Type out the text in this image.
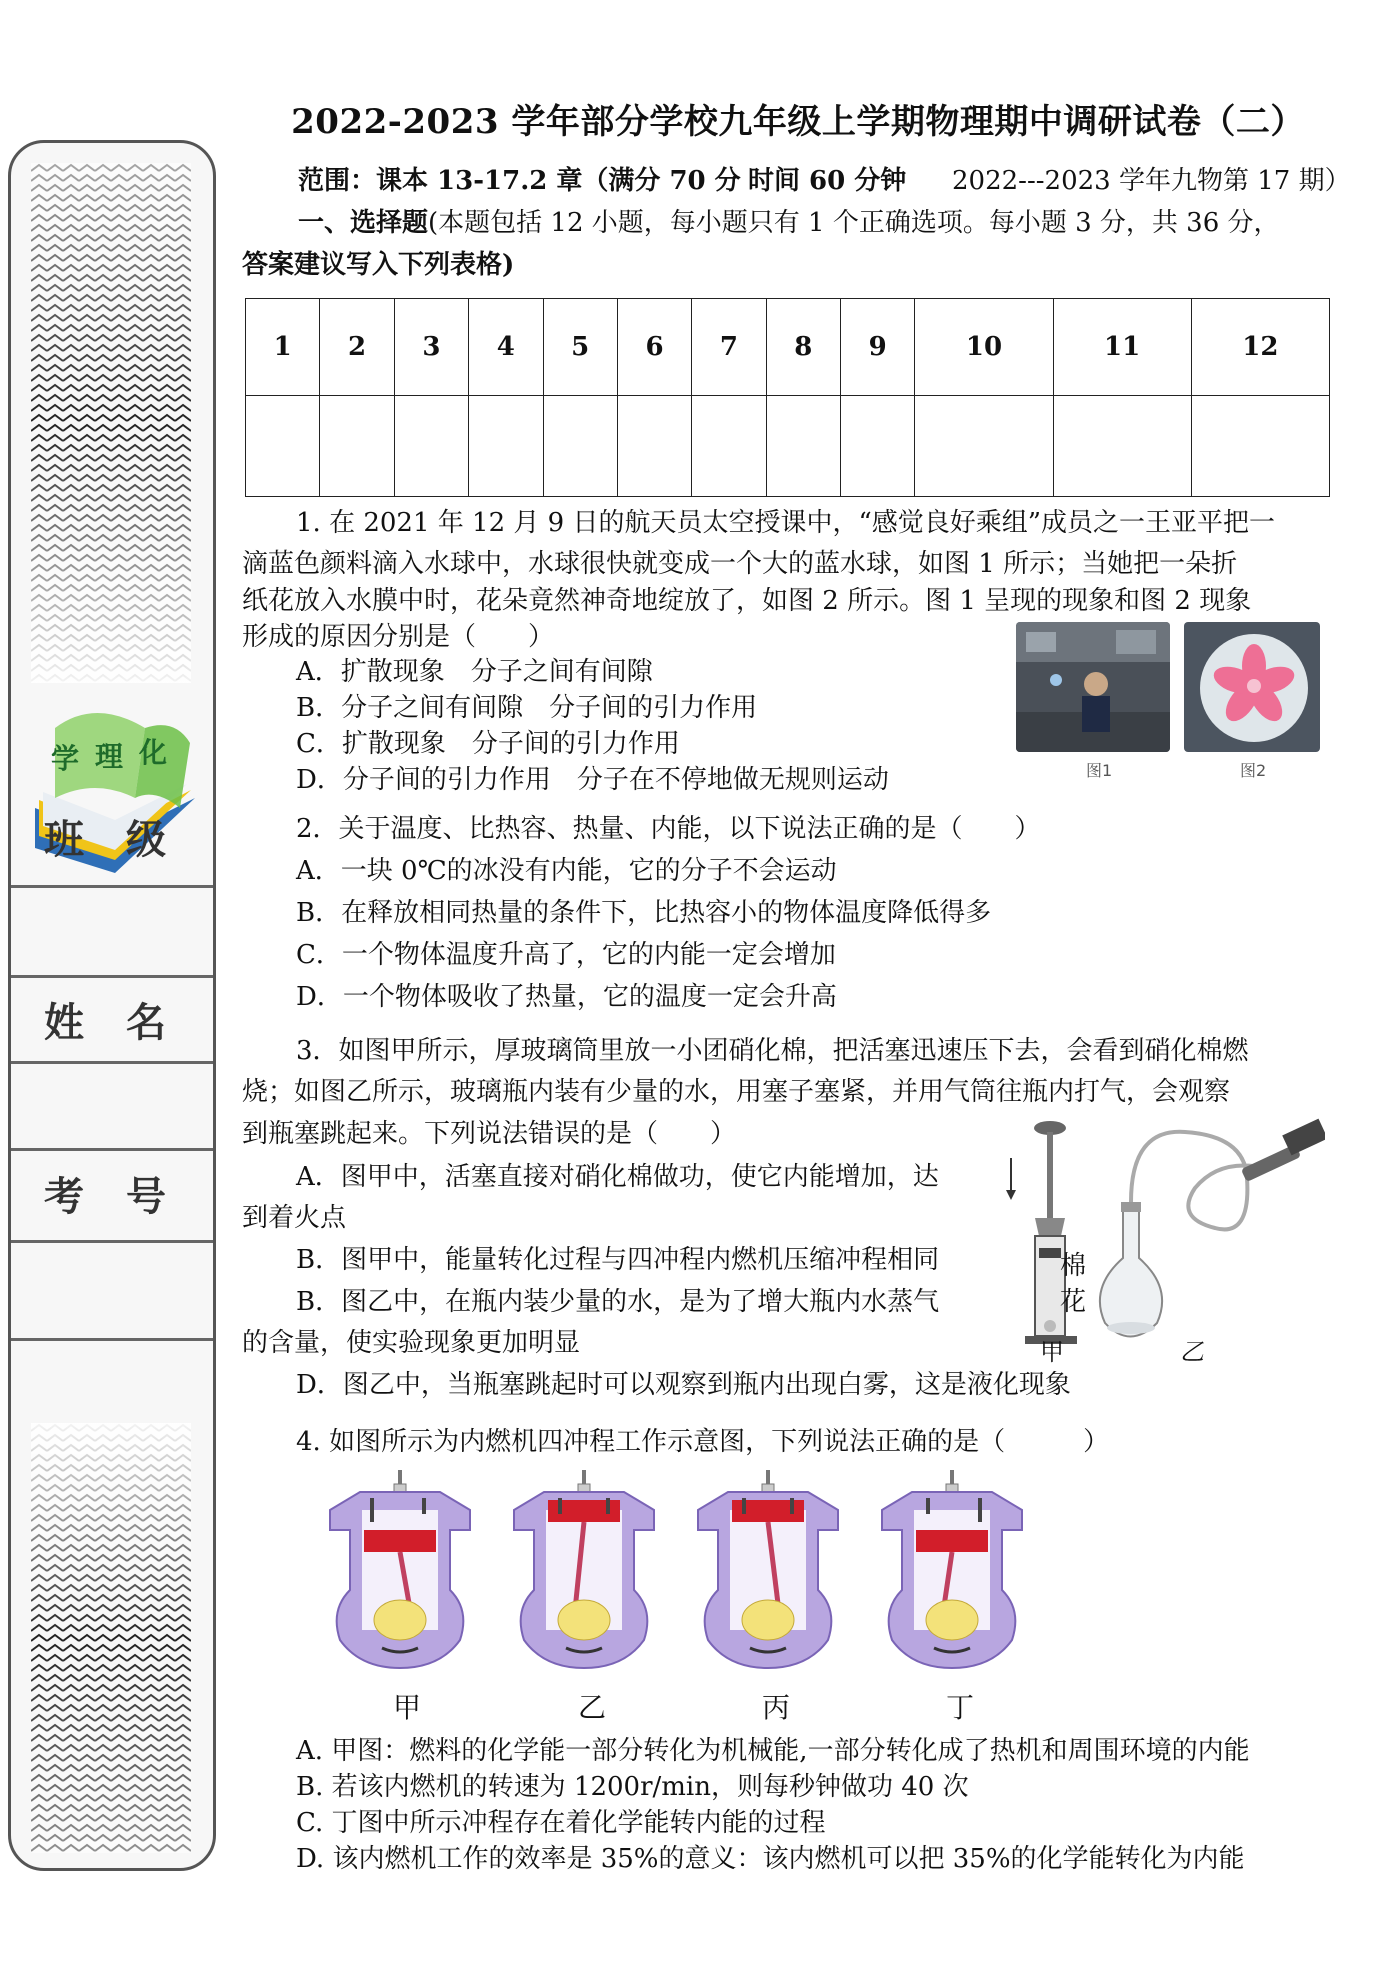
学 理 化
班 级
姓 名
考 号
2022-2023 学年部分学校九年级上学期物理期中调研试卷（二）
范围：课本 13-17.2 章（满分 70 分 时间 60 分钟 2022---2023 学年九物第 17 期）
一、选择题(本题包括 12 小题，每小题只有 1 个正确选项。每小题 3 分，共 36 分，
答案建议写入下列表格)
1	2	3	4	5	6	7	8	9	10	11	12

1. 在 2021 年 12 月 9 日的航天员太空授课中，“感觉良好乘组”成员之一王亚平把一
滴蓝色颜料滴入水球中，水球很快就变成一个大的蓝水球，如图 1 所示；当她把一朵折
纸花放入水膜中时，花朵竟然神奇地绽放了，如图 2 所示。图 1 呈现的现象和图 2 现象
形成的原因分别是（　　）
A．扩散现象　分子之间有间隙
B．分子之间有间隙　分子间的引力作用
C．扩散现象　分子间的引力作用
D．分子间的引力作用　分子在不停地做无规则运动	图1	图2
2．关于温度、比热容、热量、内能，以下说法正确的是（　　）
A．一块 0℃的冰没有内能，它的分子不会运动
B．在释放相同热量的条件下，比热容小的物体温度降低得多
C．一个物体温度升高了，它的内能一定会增加
D．一个物体吸收了热量，它的温度一定会升高
3．如图甲所示，厚玻璃筒里放一小团硝化棉，把活塞迅速压下去，会看到硝化棉燃
烧；如图乙所示，玻璃瓶内装有少量的水，用塞子塞紧，并用气筒往瓶内打气，会观察
到瓶塞跳起来。下列说法错误的是（　　）
A．图甲中，活塞直接对硝化棉做功，使它内能增加，达
到着火点
B．图甲中，能量转化过程与四冲程内燃机压缩冲程相同
B．图乙中，在瓶内装少量的水，是为了增大瓶内水蒸气
的含量，使实验现象更加明显
D．图乙中，当瓶塞跳起时可以观察到瓶内出现白雾，这是液化现象
棉花
甲	乙
4. 如图所示为内燃机四冲程工作示意图，下列说法正确的是（　　　）
甲	乙	丙	丁
A. 甲图：燃料的化学能一部分转化为机械能,一部分转化成了热机和周围环境的内能
B. 若该内燃机的转速为 1200r/min，则每秒钟做功 40 次
C. 丁图中所示冲程存在着化学能转内能的过程
D. 该内燃机工作的效率是 35%的意义：该内燃机可以把 35%的化学能转化为内能
